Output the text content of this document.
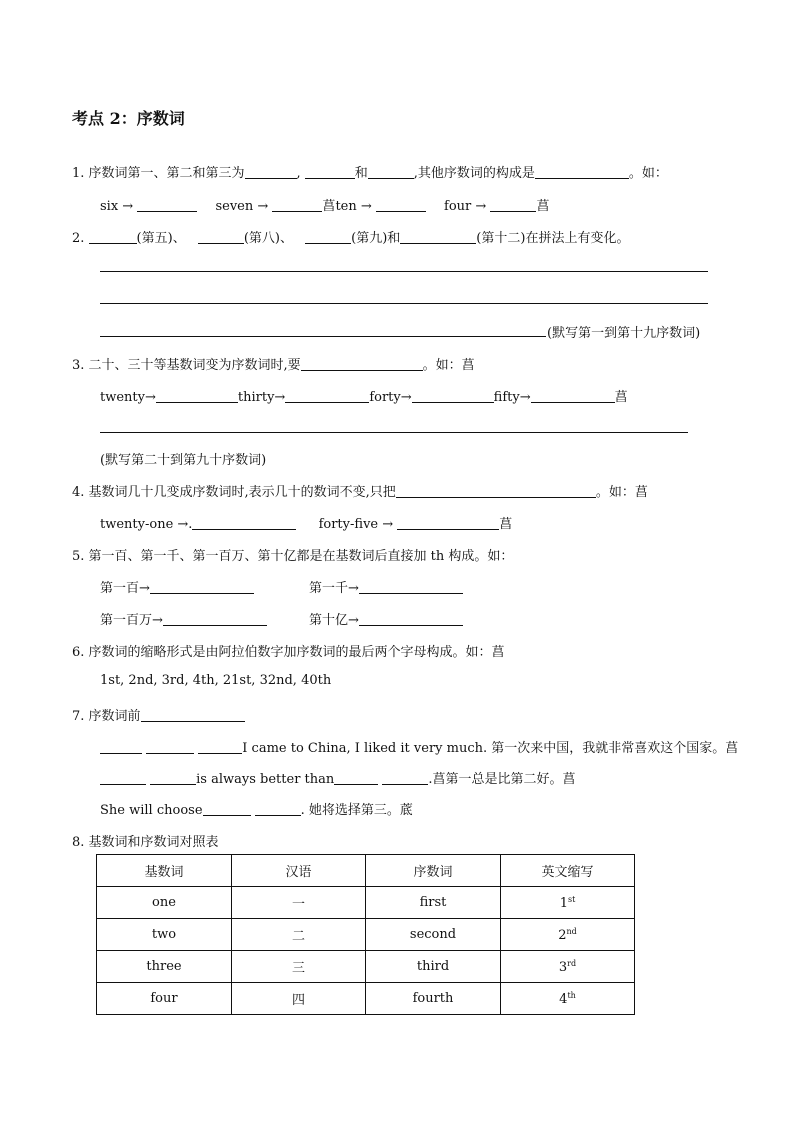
考点 2：序数词
1. 序数词第一、第二和第三为	,	和	,其他序数词的构成是	。如：
six →	seven →	菖ten →	four →	菖
2.	(第五)、	(第八)、	(第九)和	(第十二)在拼法上有变化。
(默写第一到第十九序数词)
3. 二十、三十等基数词变为序数词时,要	。如：菖
twenty→	thirty→	forty→	fifty→	菖
(默写第二十到第九十序数词)
4. 基数词几十几变成序数词时,表示几十的数词不变,只把	。如：菖
twenty-one →.	forty-five →	菖
5. 第一百、第一千、第一百万、第十亿都是在基数词后直接加 th 构成。如：
第一百→	第一千→
第一百万→	第十亿→
6. 序数词的缩略形式是由阿拉伯数字加序数词的最后两个字母构成。如：菖
1st, 2nd, 3rd, 4th, 21st, 32nd, 40th
7. 序数词前
I came to China, I liked it very much. 第一次来中国，我就非常喜欢这个国家。菖
is always better than	.菖第一总是比第二好。菖
She will choose	. 她将选择第三。菧
8. 基数词和序数词对照表
基数词	汉语	序数词	英文缩写
one	一	first	1st
two	二	second	2nd
three	三	third	3rd
four	四	fourth	4th
